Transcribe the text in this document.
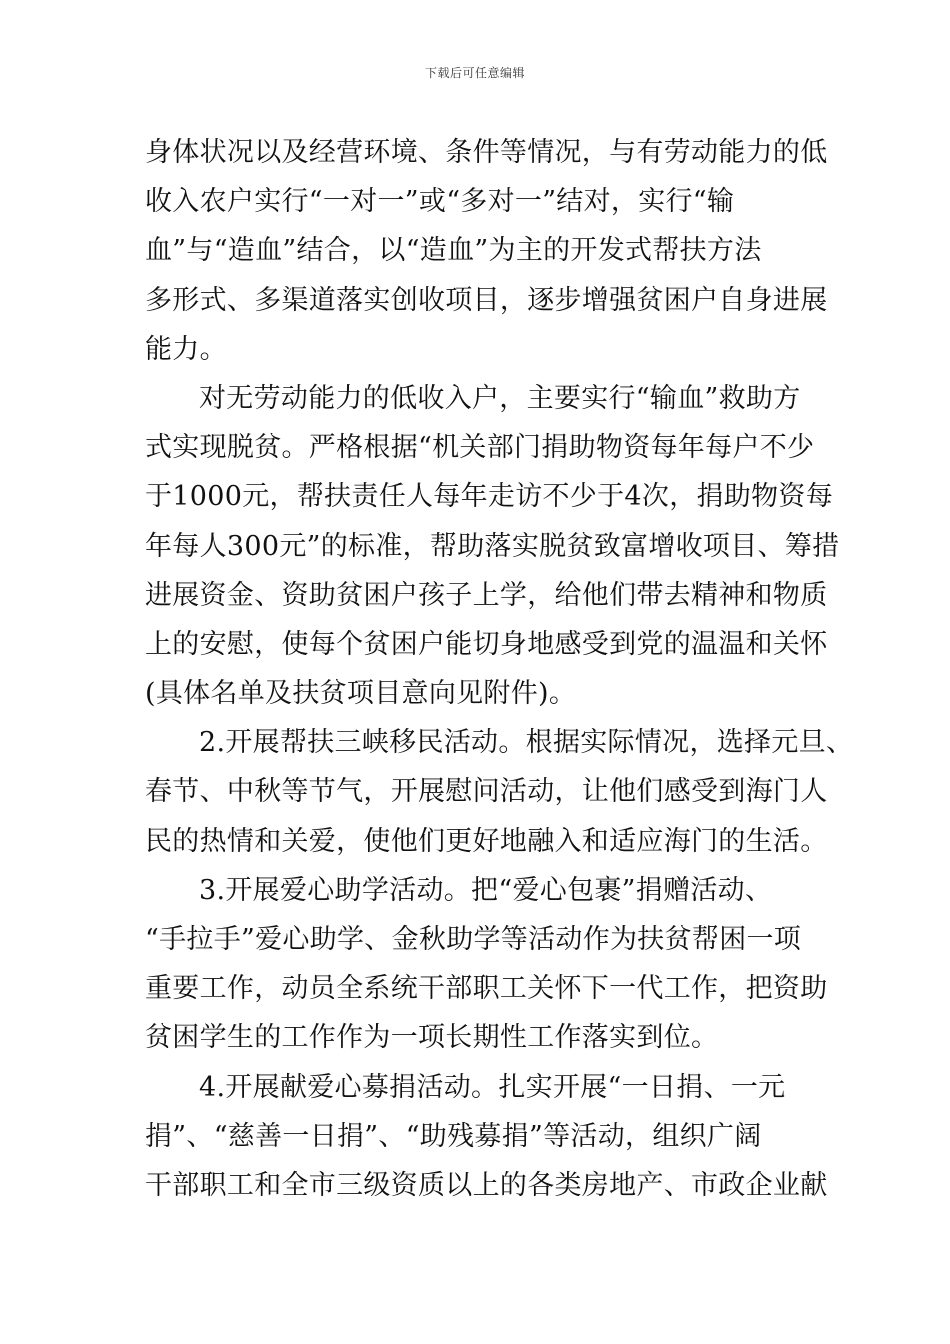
下载后可任意编辑
身体状况以及经营环境、条件等情况，与有劳动能力的低
收入农户实行“一对一”或“多对一”结对，实行“输
血”与“造血”结合，以“造血”为主的开发式帮扶方法
多形式、多渠道落实创收项目，逐步增强贫困户自身进展
能力。
对无劳动能力的低收入户，主要实行“输血”救助方
式实现脱贫。严格根据“机关部门捐助物资每年每户不少
于1000元，帮扶责任人每年走访不少于4次，捐助物资每
年每人300元”的标准，帮助落实脱贫致富增收项目、筹措
进展资金、资助贫困户孩子上学，给他们带去精神和物质
上的安慰，使每个贫困户能切身地感受到党的温温和关怀
(具体名单及扶贫项目意向见附件)。
2.开展帮扶三峡移民活动。根据实际情况，选择元旦、
春节、中秋等节气，开展慰问活动，让他们感受到海门人
民的热情和关爱，使他们更好地融入和适应海门的生活。
3.开展爱心助学活动。把“爱心包裹”捐赠活动、
“手拉手”爱心助学、金秋助学等活动作为扶贫帮困一项
重要工作，动员全系统干部职工关怀下一代工作，把资助
贫困学生的工作作为一项长期性工作落实到位。
4.开展献爱心募捐活动。扎实开展“一日捐、一元
捐”、“慈善一日捐”、“助残募捐”等活动，组织广阔
干部职工和全市三级资质以上的各类房地产、市政企业献
